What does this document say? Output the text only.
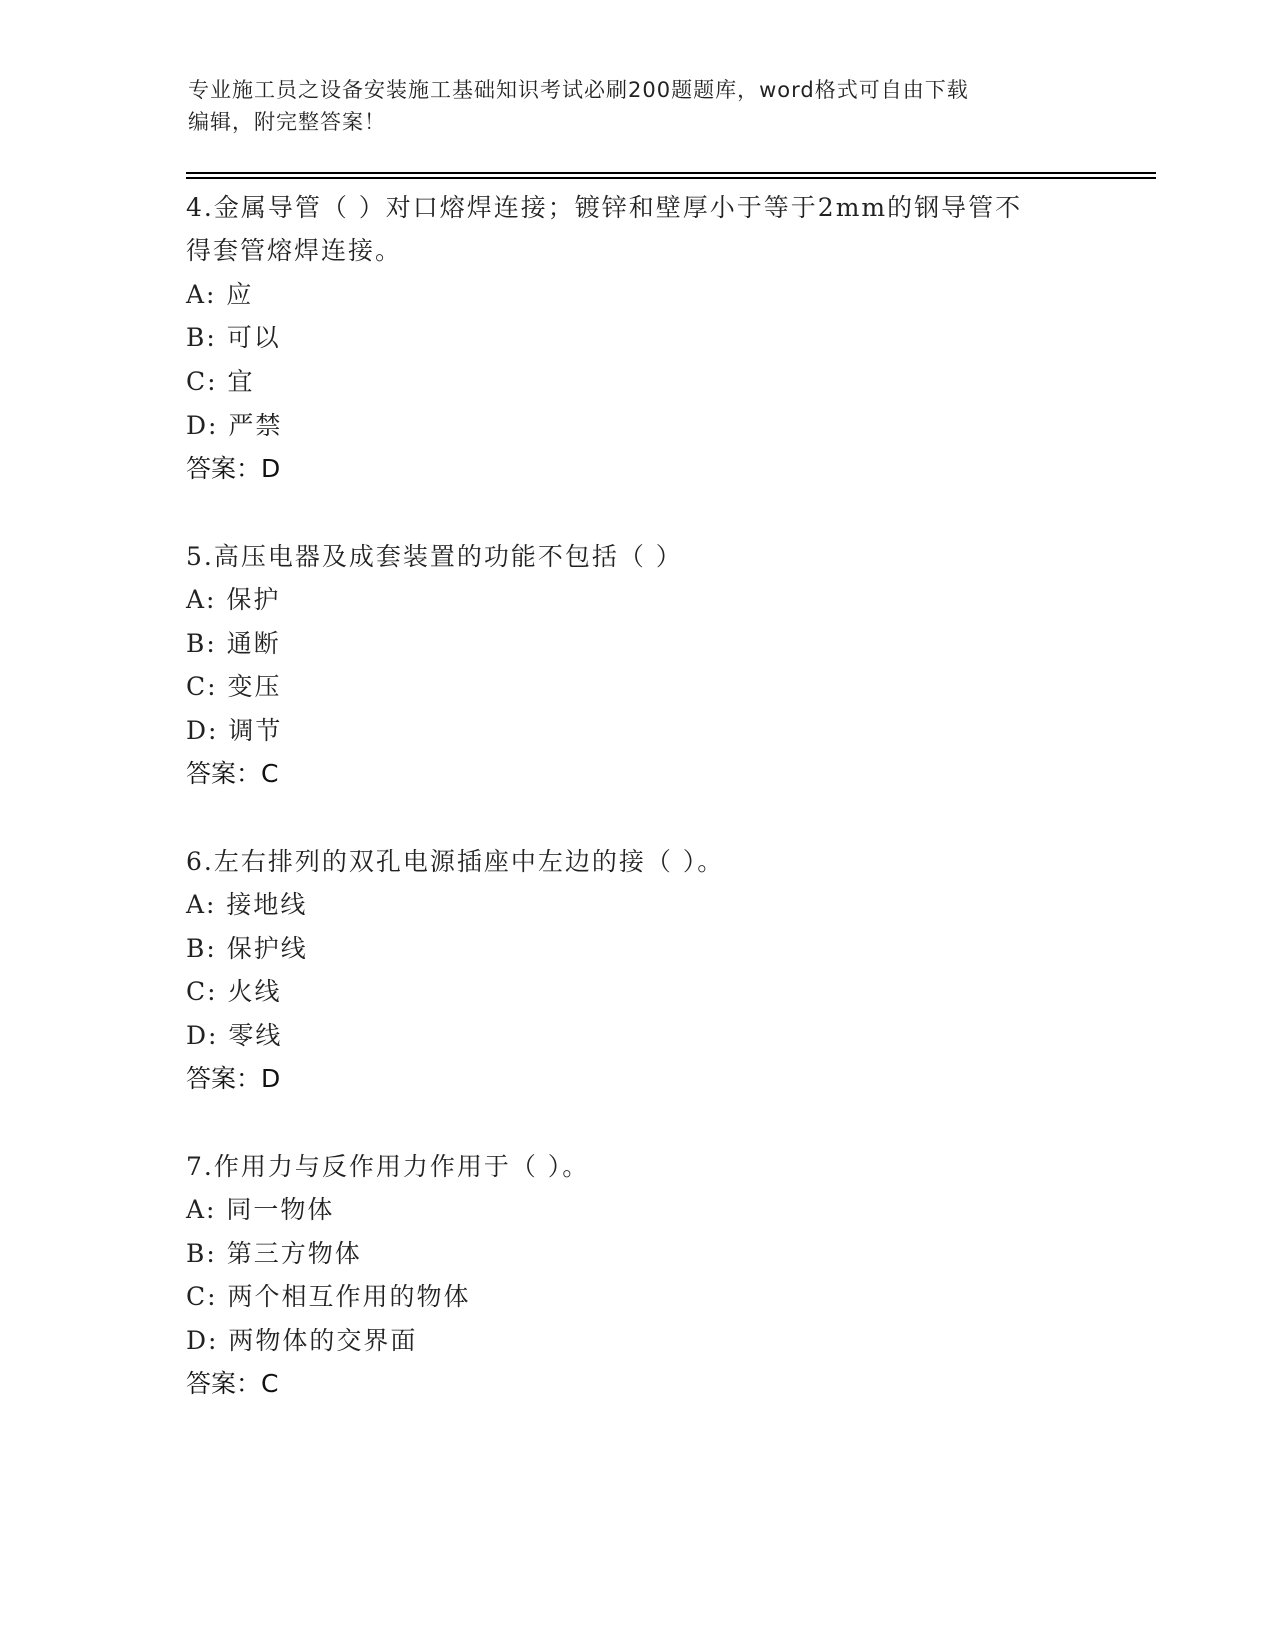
专业施工员之设备安装施工基础知识考试必刷200题题库，word格式可自由下载
编辑，附完整答案！
4.金属导管（ ）对口熔焊连接；镀锌和壁厚小于等于2mm的钢导管不
得套管熔焊连接。
A: 应
B: 可以
C: 宜
D: 严禁
答案：D
5.高压电器及成套装置的功能不包括（ ）
A: 保护
B: 通断
C: 变压
D: 调节
答案：C
6.左右排列的双孔电源插座中左边的接（ ）。
A: 接地线
B: 保护线
C: 火线
D: 零线
答案：D
7.作用力与反作用力作用于（ ）。
A: 同一物体
B: 第三方物体
C: 两个相互作用的物体
D: 两物体的交界面
答案：C
